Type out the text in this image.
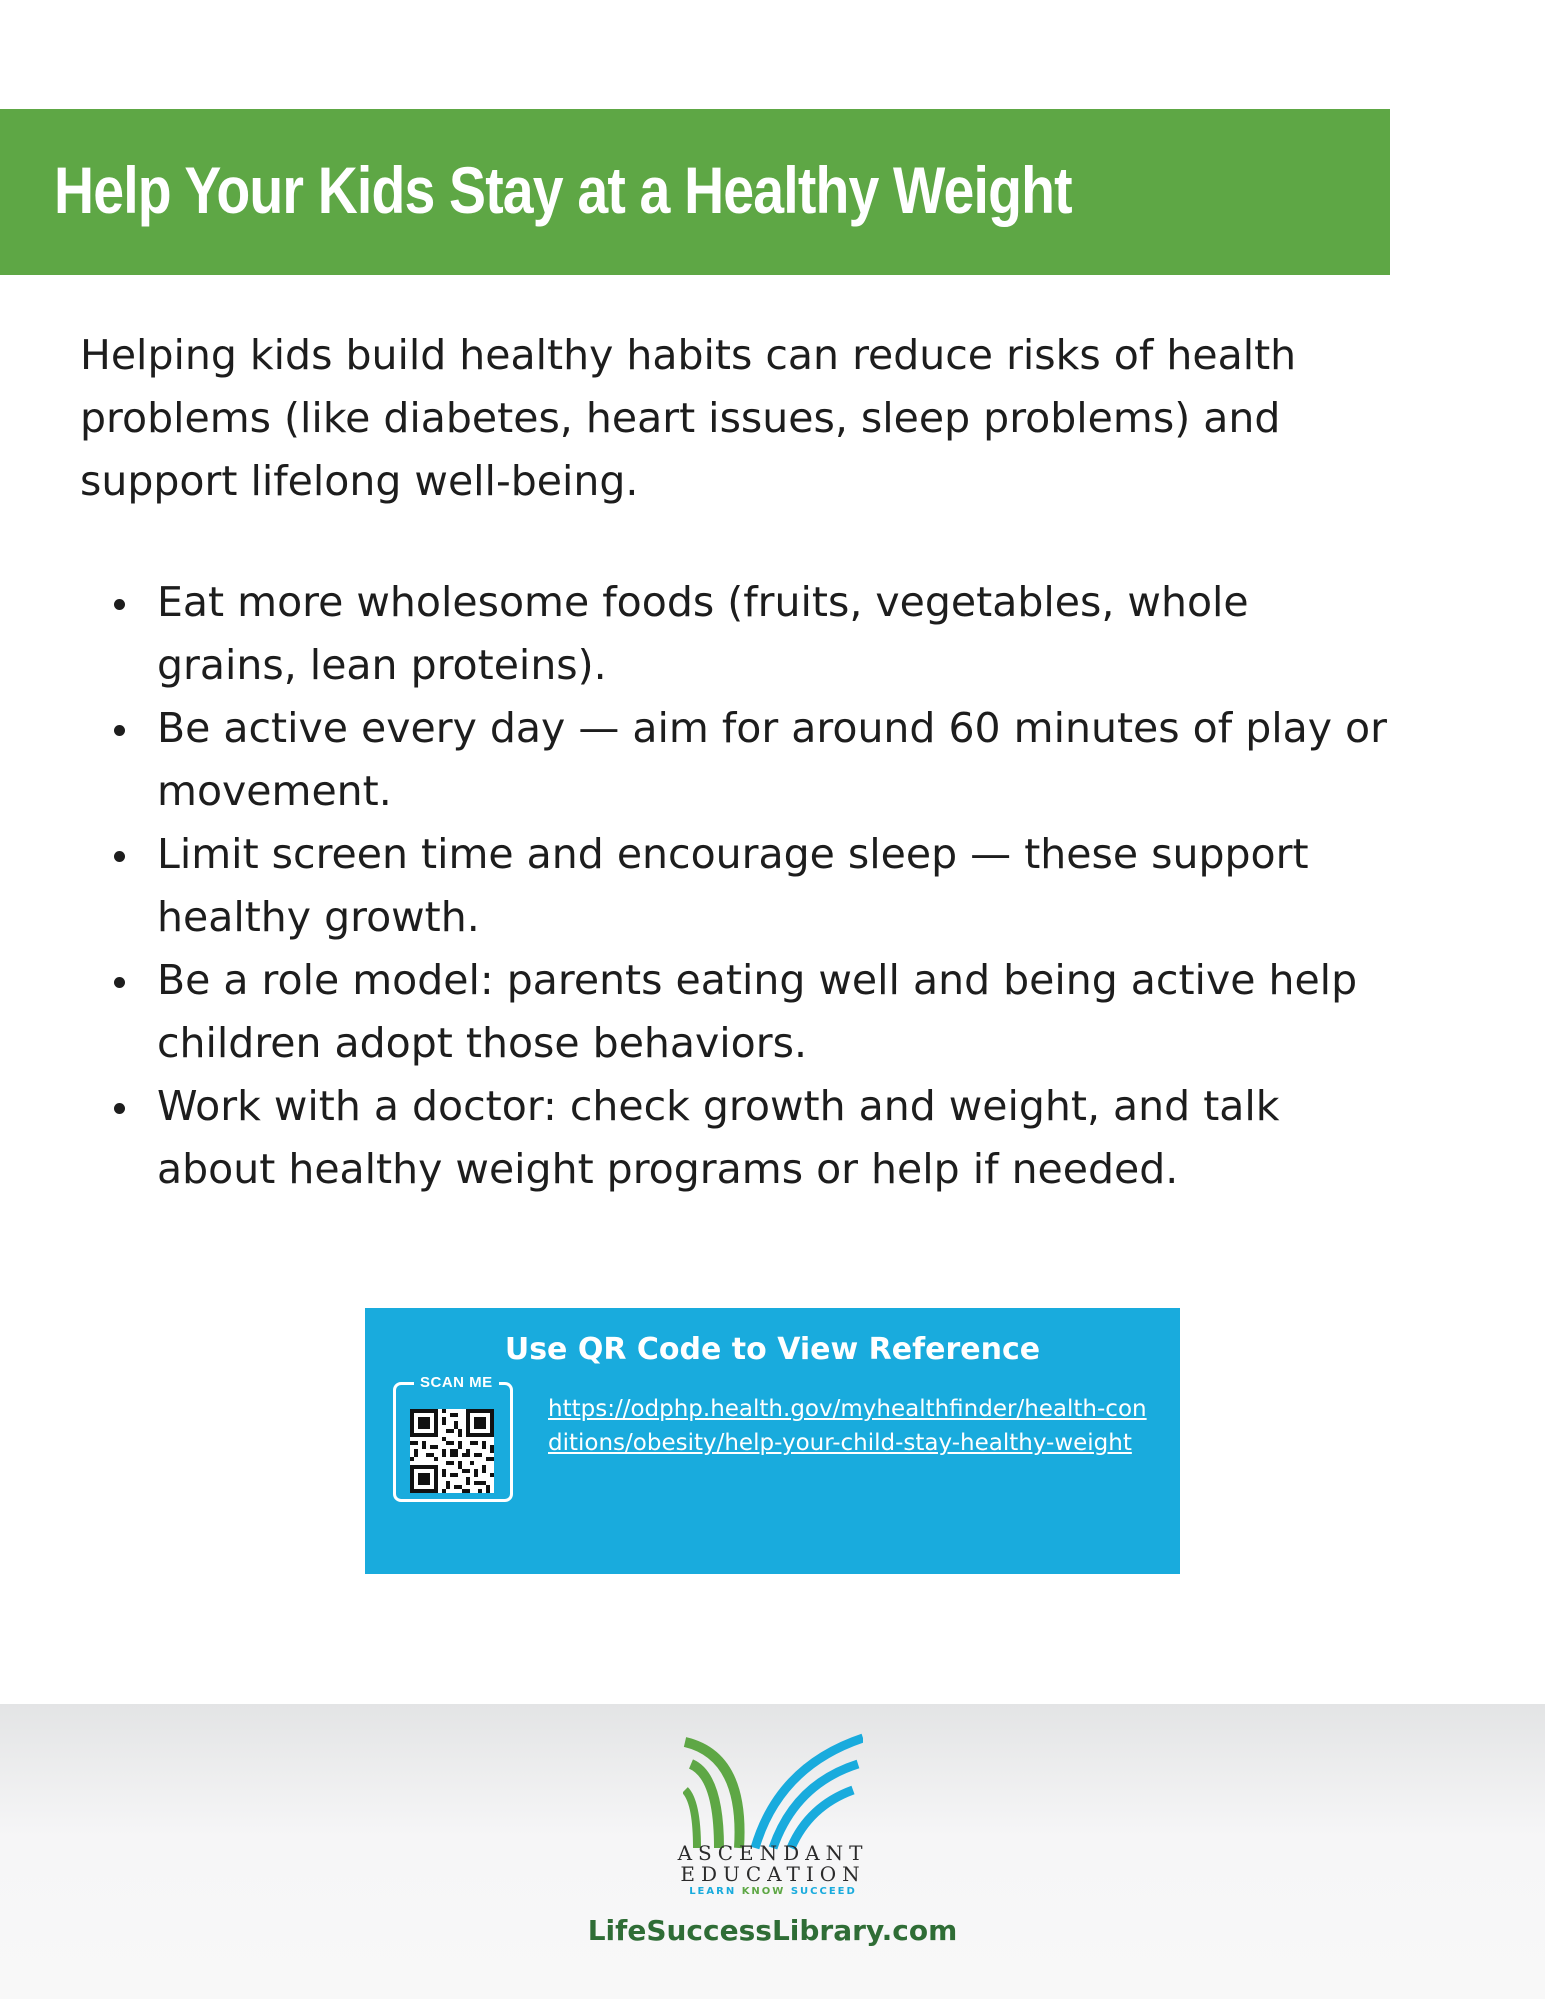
Help Your Kids Stay at a Healthy Weight

Helping kids build healthy habits can reduce risks of health problems (like diabetes, heart issues, sleep problems) and support lifelong well-being.

Eat more wholesome foods (fruits, vegetables, whole grains, lean proteins).
Be active every day — aim for around 60 minutes of play or movement.
Limit screen time and encourage sleep — these support healthy growth.
Be a role model: parents eating well and being active help children adopt those behaviors.
Work with a doctor: check growth and weight, and talk about healthy weight programs or help if needed.
Use QR Code to View Reference
SCAN ME
https://odphp.health.gov/myhealthfinder/health-conditions/obesity/help-your-child-stay-healthy-weight
ASCENDANT
EDUCATION
LEARN KNOW SUCCEED
LifeSuccessLibrary.com
